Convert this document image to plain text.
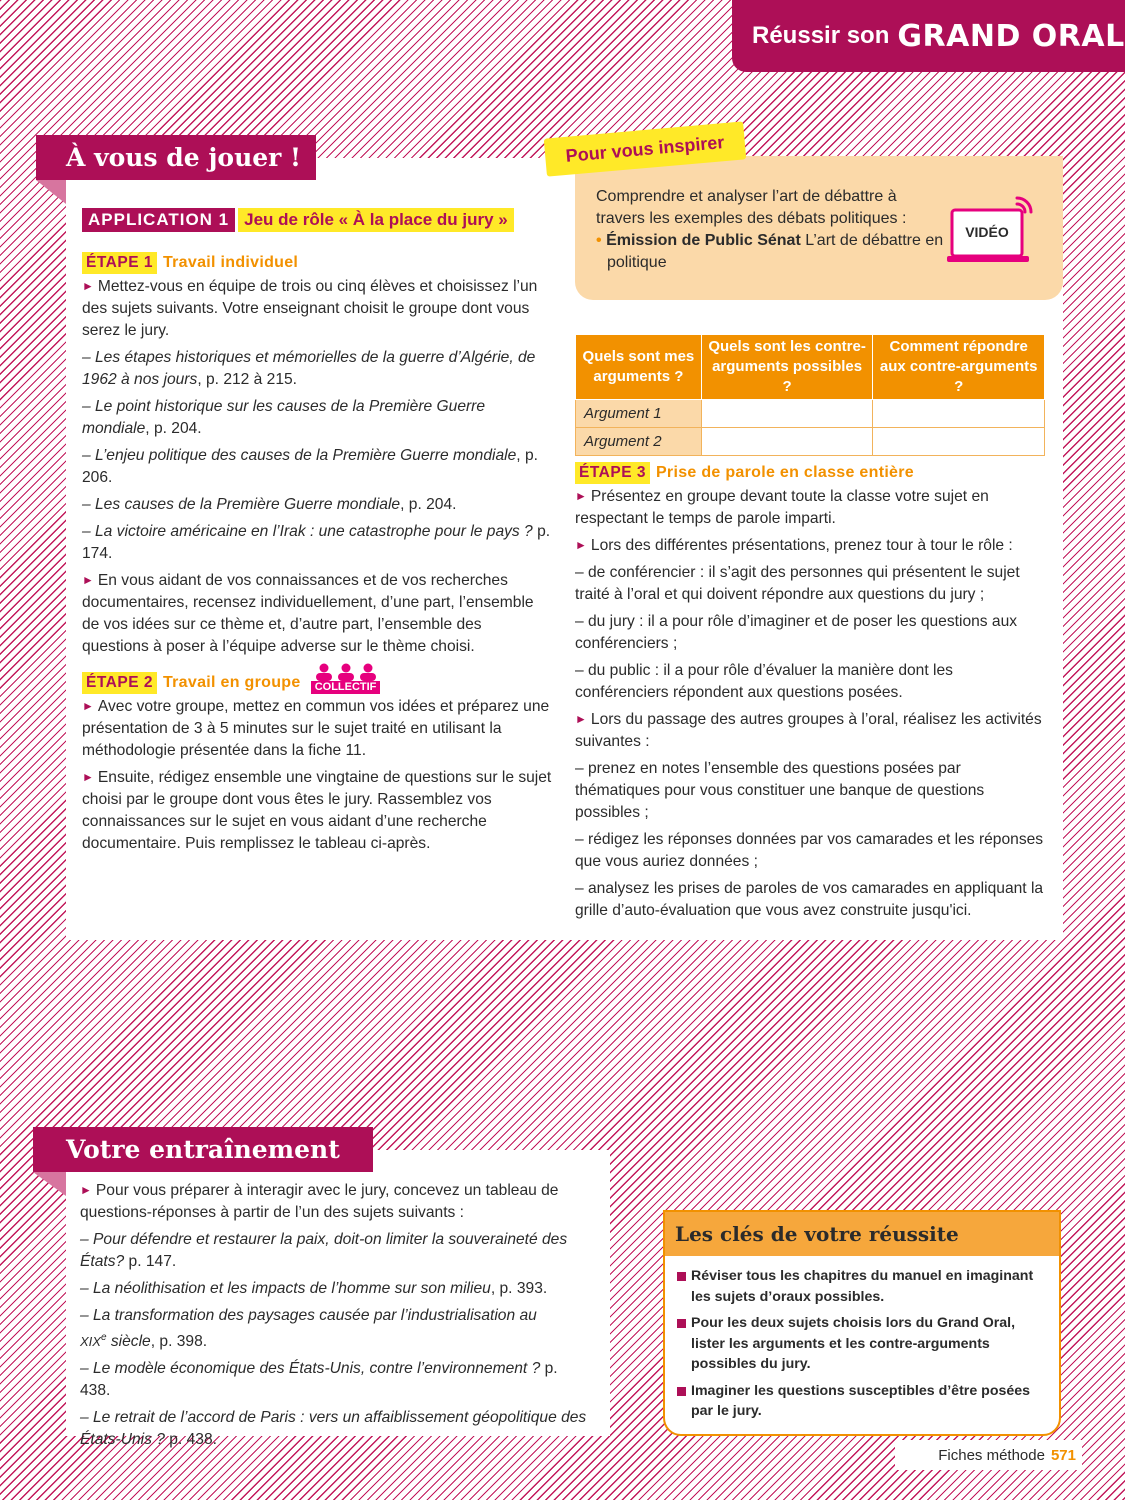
Réussir son GRAND ORAL
À vous de jouer !
APPLICATION 1 Jeu de rôle « À la place du jury »
ÉTAPE 1 Travail individuel

► Mettez-vous en équipe de trois ou cinq élèves et choisissez l’un des sujets suivants. Votre enseignant choisit le groupe dont vous serez le jury.

– Les étapes historiques et mémorielles de la guerre d’Algérie, de 1962 à nos jours, p. 212 à 215.

– Le point historique sur les causes de la Première Guerre mondiale, p. 204.

– L’enjeu politique des causes de la Première Guerre mondiale, p. 206.

– Les causes de la Première Guerre mondiale, p. 204.

– La victoire américaine en l’Irak : une catastrophe pour le pays ? p. 174.

► En vous aidant de vos connaissances et de vos recherches documentaires, recensez individuellement, d’une part, l’ensemble de vos idées sur ce thème et, d’autre part, l’ensemble des questions à poser à l’équipe adverse sur le thème choisi.

ÉTAPE 2 Travail en groupe	COLLECTIF

► Avec votre groupe, mettez en commun vos idées et préparez une présentation de 3 à 5 minutes sur le sujet traité en utilisant la méthodologie présentée dans la fiche 11.

► Ensuite, rédigez ensemble une vingtaine de questions sur le sujet choisi par le groupe dont vous êtes le jury. Rassemblez vos connaissances sur le sujet en vous aidant d’une recherche documentaire. Puis remplissez le tableau ci-après.

Comprendre et analyser l’art de débattre à travers les exemples des débats politiques :
• Émission de Public Sénat L’art de débattre en politique
VIDÉO
Pour vous inspirer
Quels sont mes arguments ?	Quels sont les contre-arguments possibles ?	Comment répondre aux contre-arguments ?
Argument 1		
Argument 2		
ÉTAPE 3 Prise de parole en classe entière

► Présentez en groupe devant toute la classe votre sujet en respectant le temps de parole imparti.

► Lors des différentes présentations, prenez tour à tour le rôle :

– de conférencier : il s’agit des personnes qui présentent le sujet traité à l’oral et qui doivent répondre aux questions du jury ;

– du jury : il a pour rôle d’imaginer et de poser les questions aux conférenciers ;

– du public : il a pour rôle d’évaluer la manière dont les conférenciers répondent aux questions posées.

► Lors du passage des autres groupes à l’oral, réalisez les activités suivantes :

– prenez en notes l’ensemble des questions posées par thématiques pour vous constituer une banque de questions possibles ;

– rédigez les réponses données par vos camarades et les réponses que vous auriez données ;

– analysez les prises de paroles de vos camarades en appliquant la grille d’auto-évaluation que vous avez construite jusqu'ici.

Votre entraînement

► Pour vous préparer à interagir avec le jury, concevez un tableau de questions-réponses à partir de l’un des sujets suivants :

– Pour défendre et restaurer la paix, doit-on limiter la souveraineté des États? p. 147.

– La néolithisation et les impacts de l’homme sur son milieu, p. 393.

– La transformation des paysages causée par l’industrialisation au
XIXe siècle, p. 398.

– Le modèle économique des États-Unis, contre l’environnement ? p. 438.

– Le retrait de l’accord de Paris : vers un affaiblissement géopolitique des États-Unis ? p. 438.

Les clés de votre réussite
Réviser tous les chapitres du manuel en imaginant les sujets d’oraux possibles.
Pour les deux sujets choisis lors du Grand Oral, lister les arguments et les contre-arguments possibles du jury.
Imaginer les questions susceptibles d’être posées par le jury.
Fiches méthode 571
